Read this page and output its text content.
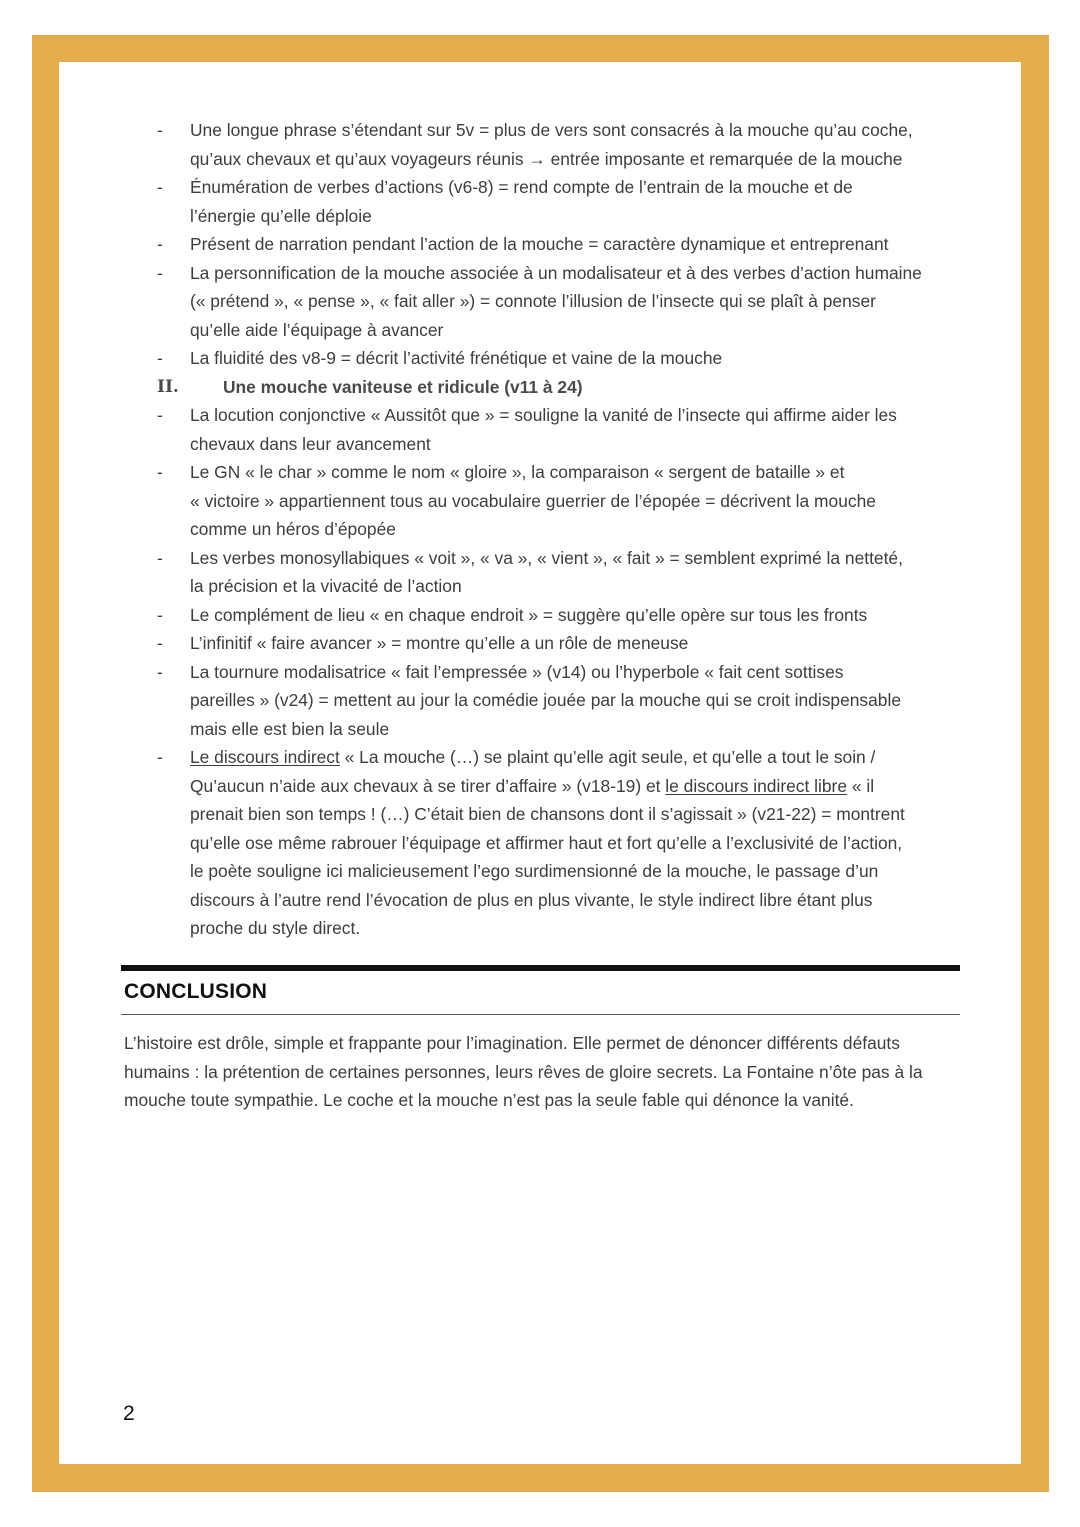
- Une longue phrase s’étendant sur 5v = plus de vers sont consacrés à la mouche qu’au coche,
qu’aux chevaux et qu’aux voyageurs réunis → entrée imposante et remarquée de la mouche
- Énumération de verbes d’actions (v6-8) = rend compte de l’entrain de la mouche et de
l’énergie qu’elle déploie
- Présent de narration pendant l’action de la mouche = caractère dynamique et entreprenant
- La personnification de la mouche associée à un modalisateur et à des verbes d’action humaine
(« prétend », « pense », « fait aller ») = connote l’illusion de l’insecte qui se plaît à penser
qu’elle aide l’équipage à avancer
- La fluidité des v8-9 = décrit l’activité frénétique et vaine de la mouche
II.	Une mouche vaniteuse et ridicule (v11 à 24)
- La locution conjonctive « Aussitôt que » = souligne la vanité de l’insecte qui affirme aider les
chevaux dans leur avancement
- Le GN « le char » comme le nom « gloire », la comparaison « sergent de bataille » et
« victoire » appartiennent tous au vocabulaire guerrier de l’épopée = décrivent la mouche
comme un héros d’épopée
- Les verbes monosyllabiques « voit », « va », « vient », « fait » = semblent exprimé la netteté,
la précision et la vivacité de l’action
- Le complément de lieu « en chaque endroit » = suggère qu’elle opère sur tous les fronts
- L’infinitif « faire avancer » = montre qu’elle a un rôle de meneuse
- La tournure modalisatrice « fait l’empressée » (v14) ou l’hyperbole « fait cent sottises
pareilles » (v24) = mettent au jour la comédie jouée par la mouche qui se croit indispensable
mais elle est bien la seule
- Le discours indirect « La mouche (…) se plaint qu’elle agit seule, et qu’elle a tout le soin /
Qu’aucun n’aide aux chevaux à se tirer d’affaire » (v18-19) et le discours indirect libre « il
prenait bien son temps ! (…) C’était bien de chansons dont il s’agissait » (v21-22) = montrent
qu’elle ose même rabrouer l’équipage et affirmer haut et fort qu’elle a l’exclusivité de l’action,
le poète souligne ici malicieusement l’ego surdimensionné de la mouche, le passage d’un
discours à l’autre rend l’évocation de plus en plus vivante, le style indirect libre étant plus
proche du style direct.
CONCLUSION
L’histoire est drôle, simple et frappante pour l’imagination. Elle permet de dénoncer différents défauts
humains : la prétention de certaines personnes, leurs rêves de gloire secrets. La Fontaine n’ôte pas à la
mouche toute sympathie. Le coche et la mouche n’est pas la seule fable qui dénonce la vanité.
2
